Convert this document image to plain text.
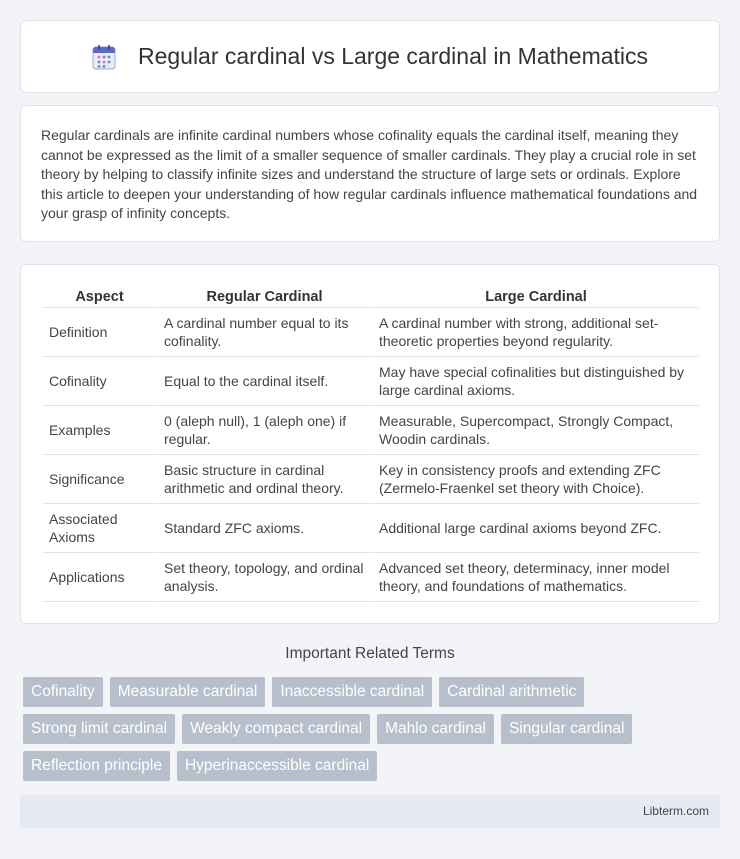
Regular cardinal vs Large cardinal in Mathematics

Regular cardinals are infinite cardinal numbers whose cofinality equals the cardinal itself, meaning they cannot be expressed as the limit of a smaller sequence of smaller cardinals. They play a crucial role in set theory by helping to classify infinite sizes and understand the structure of large sets or ordinals. Explore this article to deepen your understanding of how regular cardinals influence mathematical foundations and your grasp of infinity concepts.

Aspect	Regular Cardinal	Large Cardinal
Definition	A cardinal number equal to its cofinality.	A cardinal number with strong, additional set-theoretic properties beyond regularity.
Cofinality	Equal to the cardinal itself.	May have special cofinalities but distinguished by large cardinal axioms.
Examples	0 (aleph null), 1 (aleph one) if regular.	Measurable, Supercompact, Strongly Compact, Woodin cardinals.
Significance	Basic structure in cardinal arithmetic and ordinal theory.	Key in consistency proofs and extending ZFC (Zermelo-Fraenkel set theory with Choice).
Associated Axioms	Standard ZFC axioms.	Additional large cardinal axioms beyond ZFC.
Applications	Set theory, topology, and ordinal analysis.	Advanced set theory, determinacy, inner model theory, and foundations of mathematics.
Important Related Terms
Cofinality	Measurable cardinal	Inaccessible cardinal	Cardinal arithmetic
Strong limit cardinal	Weakly compact cardinal	Mahlo cardinal	Singular cardinal
Reflection principle	Hyperinaccessible cardinal
Libterm.com
